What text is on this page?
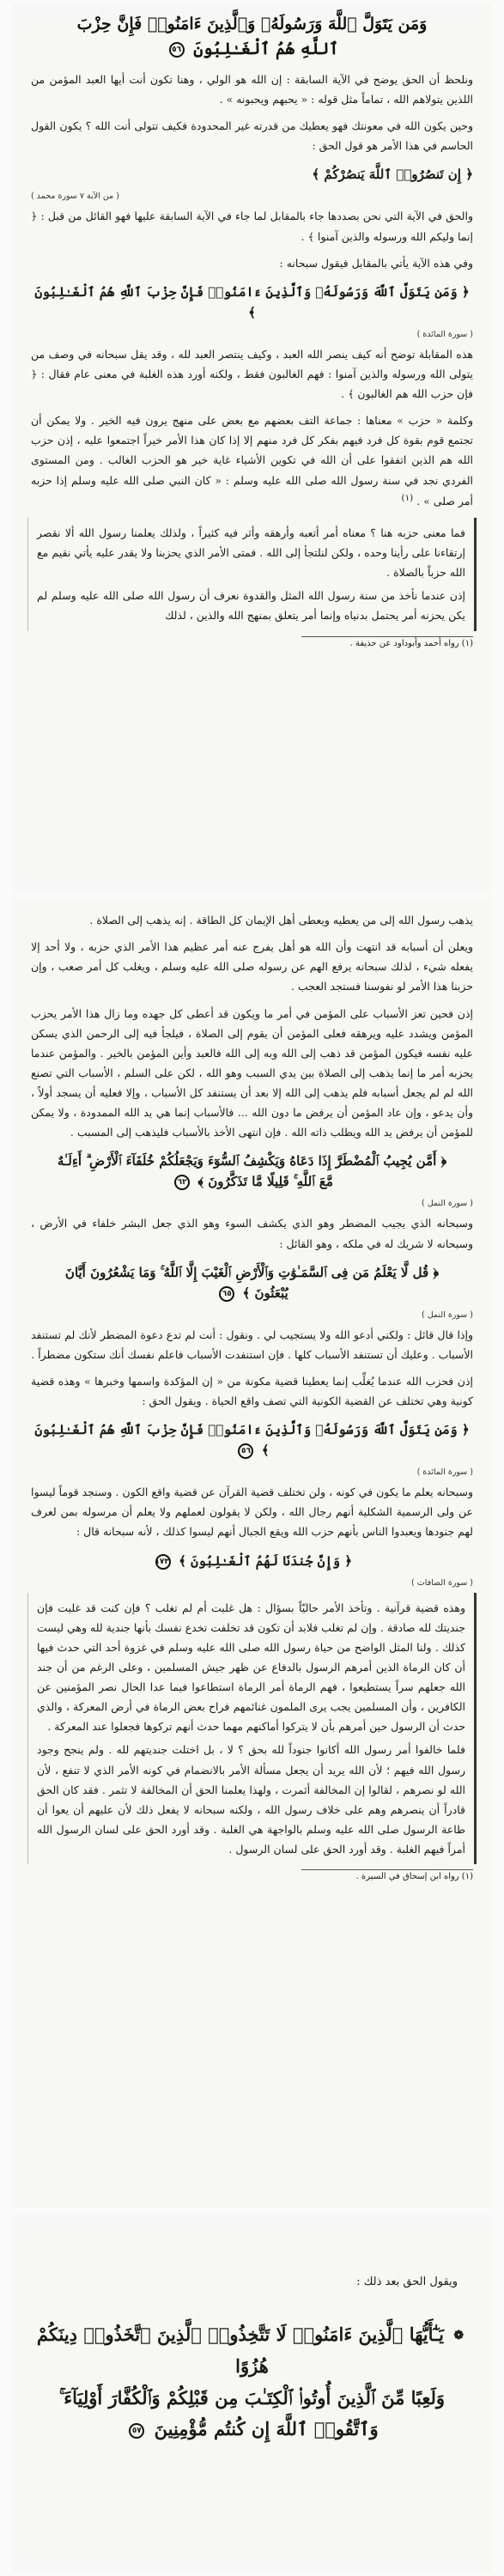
وَمَن يَتَوَلَّ ٱللَّهَ وَرَسُولَهُۥ وَٱلَّذِينَ ءَامَنُوا۟ فَإِنَّ حِزْبَ
ٱللَّهِ هُمُ ٱلْغَـٰلِبُونَ ٥٦
ونلحظ أن الحق يوضح في الآية السابقة : إن الله هو الولي ، وهنا تكون أنت أيها العبد المؤمن من اللذين يتولاهم الله ، تماماً مثل قوله : « يحبهم ويحبونه » .
وحين يكون الله في معونتك فهو يعطيك من قدرته غير المحدودة فكيف تتولى أنت الله ؟ يكون القول الحاسم في هذا الأمر هو قول الحق :
﴿ إِن تَنصُرُوا۟ ٱللَّهَ يَنصُرْكُمْ ﴾
( من الآية ٧ سورة محمد )
والحق في الآية التي نحن بصددها جاء بالمقابل لما جاء في الآية السابقة عليها فهو القائل من قبل : ﴿ إنما وليكم الله ورسوله والذين آمنوا ﴾ .
وفي هذه الآية يأتي بالمقابل فيقول سبحانه :
﴿ وَمَن يَتَوَلَّ ٱللَّهَ وَرَسُولَهُۥ وَٱلَّذِينَ ءَامَنُوا۟ فَإِنَّ حِزْبَ ٱللَّهِ هُمُ ٱلْغَـٰلِبُونَ ﴾
( سورة المائدة )
هذه المقابلة توضح أنه كيف ينصر الله العبد ، وكيف ينتصر العبد لله ، وقد يقل سبحانه في وصف من يتولى الله ورسوله والذين آمنوا : فهم الغالبون فقط ، ولكنه أورد هذه الغلبة في معنى عام فقال : ﴿ فإن حزب الله هم الغالبون ﴾ .
وكلمة « حزب » معناها : جماعة التف بعضهم مع بعض على منهج يرون فيه الخير . ولا يمكن أن تجتمع قوم بقوة كل فرد فيهم بفكر كل فرد منهم إلا إذا كان هذا الأمر خيراً اجتمعوا عليه ، إذن حزب الله هم الذين اتفقوا على أن الله في تكوين الأشياء غاية خير هو الحزب الغالب . ومن المستوى الفردي نجد في سنة رسول الله صلى الله عليه وسلم : « كان النبي صلى الله عليه وسلم إذا حزبه أمر صلى » . $^{(١)}$
فما معنى حزبه هنا ؟ معناه أمر أتعبه وأرهقه وأثر فيه كثيراً ، ولذلك يعلمنا رسول الله ألا نقصر إرتقاءنا على رأينا وحده ، ولكن لنلتجأ إلى الله . فمتى الأمر الذي يحزبنا ولا يقدر عليه يأتي نقيم مع الله حزباً بالصلاة .
إذن عندما نأخذ من سنة رسول الله المثل والقدوة نعرف أن رسول الله صلى الله عليه وسلم لم يكن يحزنه أمر يحتمل بدنياه وإنما أمر يتعلق بمنهج الله والذين ، لذلك
(١) رواه أحمد وأبوداود عن حذيفة .
يذهب رسول الله إلى من يعطيه ويعطى أهل الإيمان كل الطاقة . إنه يذهب إلى الصلاة .
ويعلن أن أسبابه قد انتهت وأن الله هو أهل يفرج عنه أمر عظيم هذا الأمر الذي حزبه ، ولا أحد إلا يفعله شيء ، لذلك سبحانه يرفع الهم عن رسوله صلى الله عليه وسلم ، ويغلب كل أمر صعب ، وإن حزبنا هذا الأمر لو نفوسنا فستجد العجب .
إذن فحين تعز الأسباب على المؤمن في أمر ما ويكون قد أعطى كل جهده وما زال هذا الأمر يحزب المؤمن ويشدد عليه ويرهقه فعلى المؤمن أن يقوم إلى الصلاة ، فيلجأ فيه إلى الرحمن الذي يسكن عليه نفسه فيكون المؤمن قد ذهب إلى الله وبه إلى الله فالعبد وأين المؤمن بالخير . والمؤمن عندما يحزبه أمر ما إنما يذهب إلى الصلاة بين يدي السبب وهو الله ، لكن على السلم ، الأسباب التي تصنع الله لم لم يجعل أسبابه فلم يذهب إلى الله إلا بعد أن يستنفد كل الأسباب ، وإلا فعليه أن يسجد أولاً ، وأن يدعو ، وإن عاد المؤمن أن يرفض ما دون الله ... فالأسباب إنما هي يد الله الممدودة ، ولا يمكن للمؤمن أن يرفض يد الله ويطلب ذاته الله . فإن انتهى الأخذ بالأسباب فليذهب إلى المسبب .
﴿ أَمَّن يُجِيبُ ٱلْمُضْطَرَّ إِذَا دَعَاهُ وَيَكْشِفُ ٱلسُّوٓءَ وَيَجْعَلُكُمْ خُلَفَآءَ ٱلْأَرْضِ ۗ أَءِلَـٰهٌ
مَّعَ ٱللَّهِ ۚ قَلِيلًا مَّا تَذَكَّرُونَ ﴾ ٦٢
( سورة النمل )
وسبحانه الذي يجيب المضطر وهو الذي يكشف السوء وهو الذي جعل البشر خلفاء في الأرض ، وسبحانه لا شريك له في ملكه ، وهو القائل :
﴿ قُل لَّا يَعْلَمُ مَن فِى ٱلسَّمَـٰوَٰتِ وَٱلْأَرْضِ ٱلْغَيْبَ إِلَّا ٱللَّهُ ۚ وَمَا يَشْعُرُونَ أَيَّانَ
يُبْعَثُونَ ﴾ ٦٥
( سورة النمل )
وإذا قال قائل : ولكني أدعو الله ولا يستجيب لي . ونقول : أنت لم تدع دعوة المضطر لأنك لم تستنفد الأسباب . وعليك أن تستنفد الأسباب كلها . فإن استنفدت الأسباب فاعلم نفسك أنك ستكون مضطراً .
إذن فحزب الله عندما يُغلِّب إنما يعطينا قضية مكونة من « إن المؤكدة واسمها وخبرها » وهذه قضية كونية وهي تختلف عن القضية الكونية التي تصف واقع الحياة . ويقول الحق :
﴿ وَمَن يَتَوَلَّ ٱللَّهَ وَرَسُولَهُۥ وَٱلَّذِينَ ءَامَنُوا۟ فَإِنَّ حِزْبَ ٱللَّهِ هُمُ ٱلْغَـٰلِبُونَ ﴾ ٥٦
( سورة المائدة )
وسبحانه يعلم ما يكون في كونه ، ولن تختلف قضية القرآن عن قضية واقع الكون . وسنجد قوماً ليسوا عن ولى الرسمية الشكلية أنهم رجال الله ، ولكن لا يقولون لعملهم ولا يعلم أن مرسوله بمن لعرف لهم جنودها ويعبدوا الناس بأنهم حزب الله ويقع الجبال أنهم ليسوا كذلك ، لأنه سبحانه قال :
﴿ وَإِنَّ جُندَنَا لَهُمُ ٱلْغَـٰلِبُونَ ﴾ ١٧٣
( سورة الصافات )
وهذه قضية قرآنية . وتأخذ الأمر حاليّاً بسؤال : هل غلبت أم لم تغلب ؟ فإن كنت قد غلبت فإن جنديتك لله صادقة . وإن لم تغلب فلابد أن تكون قد تخلفت تخدع نفسك بأنها جندية لله وهي ليست كذلك . ولنا المثل الواضح من حياة رسول الله صلى الله عليه وسلم في غزوة أحد التي حدث فيها أن كان الرماة الذين أمرهم الرسول بالدفاع عن ظهر جيش المسلمين ، وعلى الرغم من أن جند الله جعلهم سراً يستطيعوا ، فهم الرماة أمر الرماة استطاعوا فيما عدا الحال نصر المؤمنين عن الكافرين ، وأن المسلمين يجب يرى الملمون غنائمهم فراح بعض الرماة في أرض المعركة ، والذي حدث أن الرسول حين أمرهم بأن لا يتركوا أماكنهم مهما حدث أنهم تركوها فجعلوا عند المعركة .
فلما خالفوا أمر رسول الله أكانوا جنوداً لله بحق ؟ لا ، بل اختلت جنديتهم لله . ولم ينجح وجود رسول الله فيهم ؛ لأن الله يريد أن يجعل مسألة الأمر بالانضمام في كونه الأمر الذي لا تنفع ، لأن الله لو نصرهم ، لقالوا إن المخالفة أثمرت ، ولهذا يعلمنا الحق أن المخالفة لا تثمر . فقد كان الحق قادراً أن ينصرهم وهم على خلاف رسول الله ، ولكنه سبحانه لا يفعل ذلك لأن عليهم أن يعوا أن طاعة الرسول صلى الله عليه وسلم بالواجهة هي الغلبة . وقد أورد الحق على لسان الرسول الله أمراً فيهم الغلبة . وقد أورد الحق على لسان الرسول .
(١) رواه ابن إسحاق في السيرة .
ويقول الحق بعد ذلك :
❁ يَـٰٓأَيُّهَا ٱلَّذِينَ ءَامَنُوا۟ لَا تَتَّخِذُوا۟ ٱلَّذِينَ ٱتَّخَذُوا۟ دِينَكُمْ هُزُوًا
وَلَعِبًا مِّنَ ٱلَّذِينَ أُوتُوا۟ ٱلْكِتَـٰبَ مِن قَبْلِكُمْ وَٱلْكُفَّارَ أَوْلِيَآءَ ۚ
وَٱتَّقُوا۟ ٱللَّهَ إِن كُنتُم مُّؤْمِنِينَ ٥٧
